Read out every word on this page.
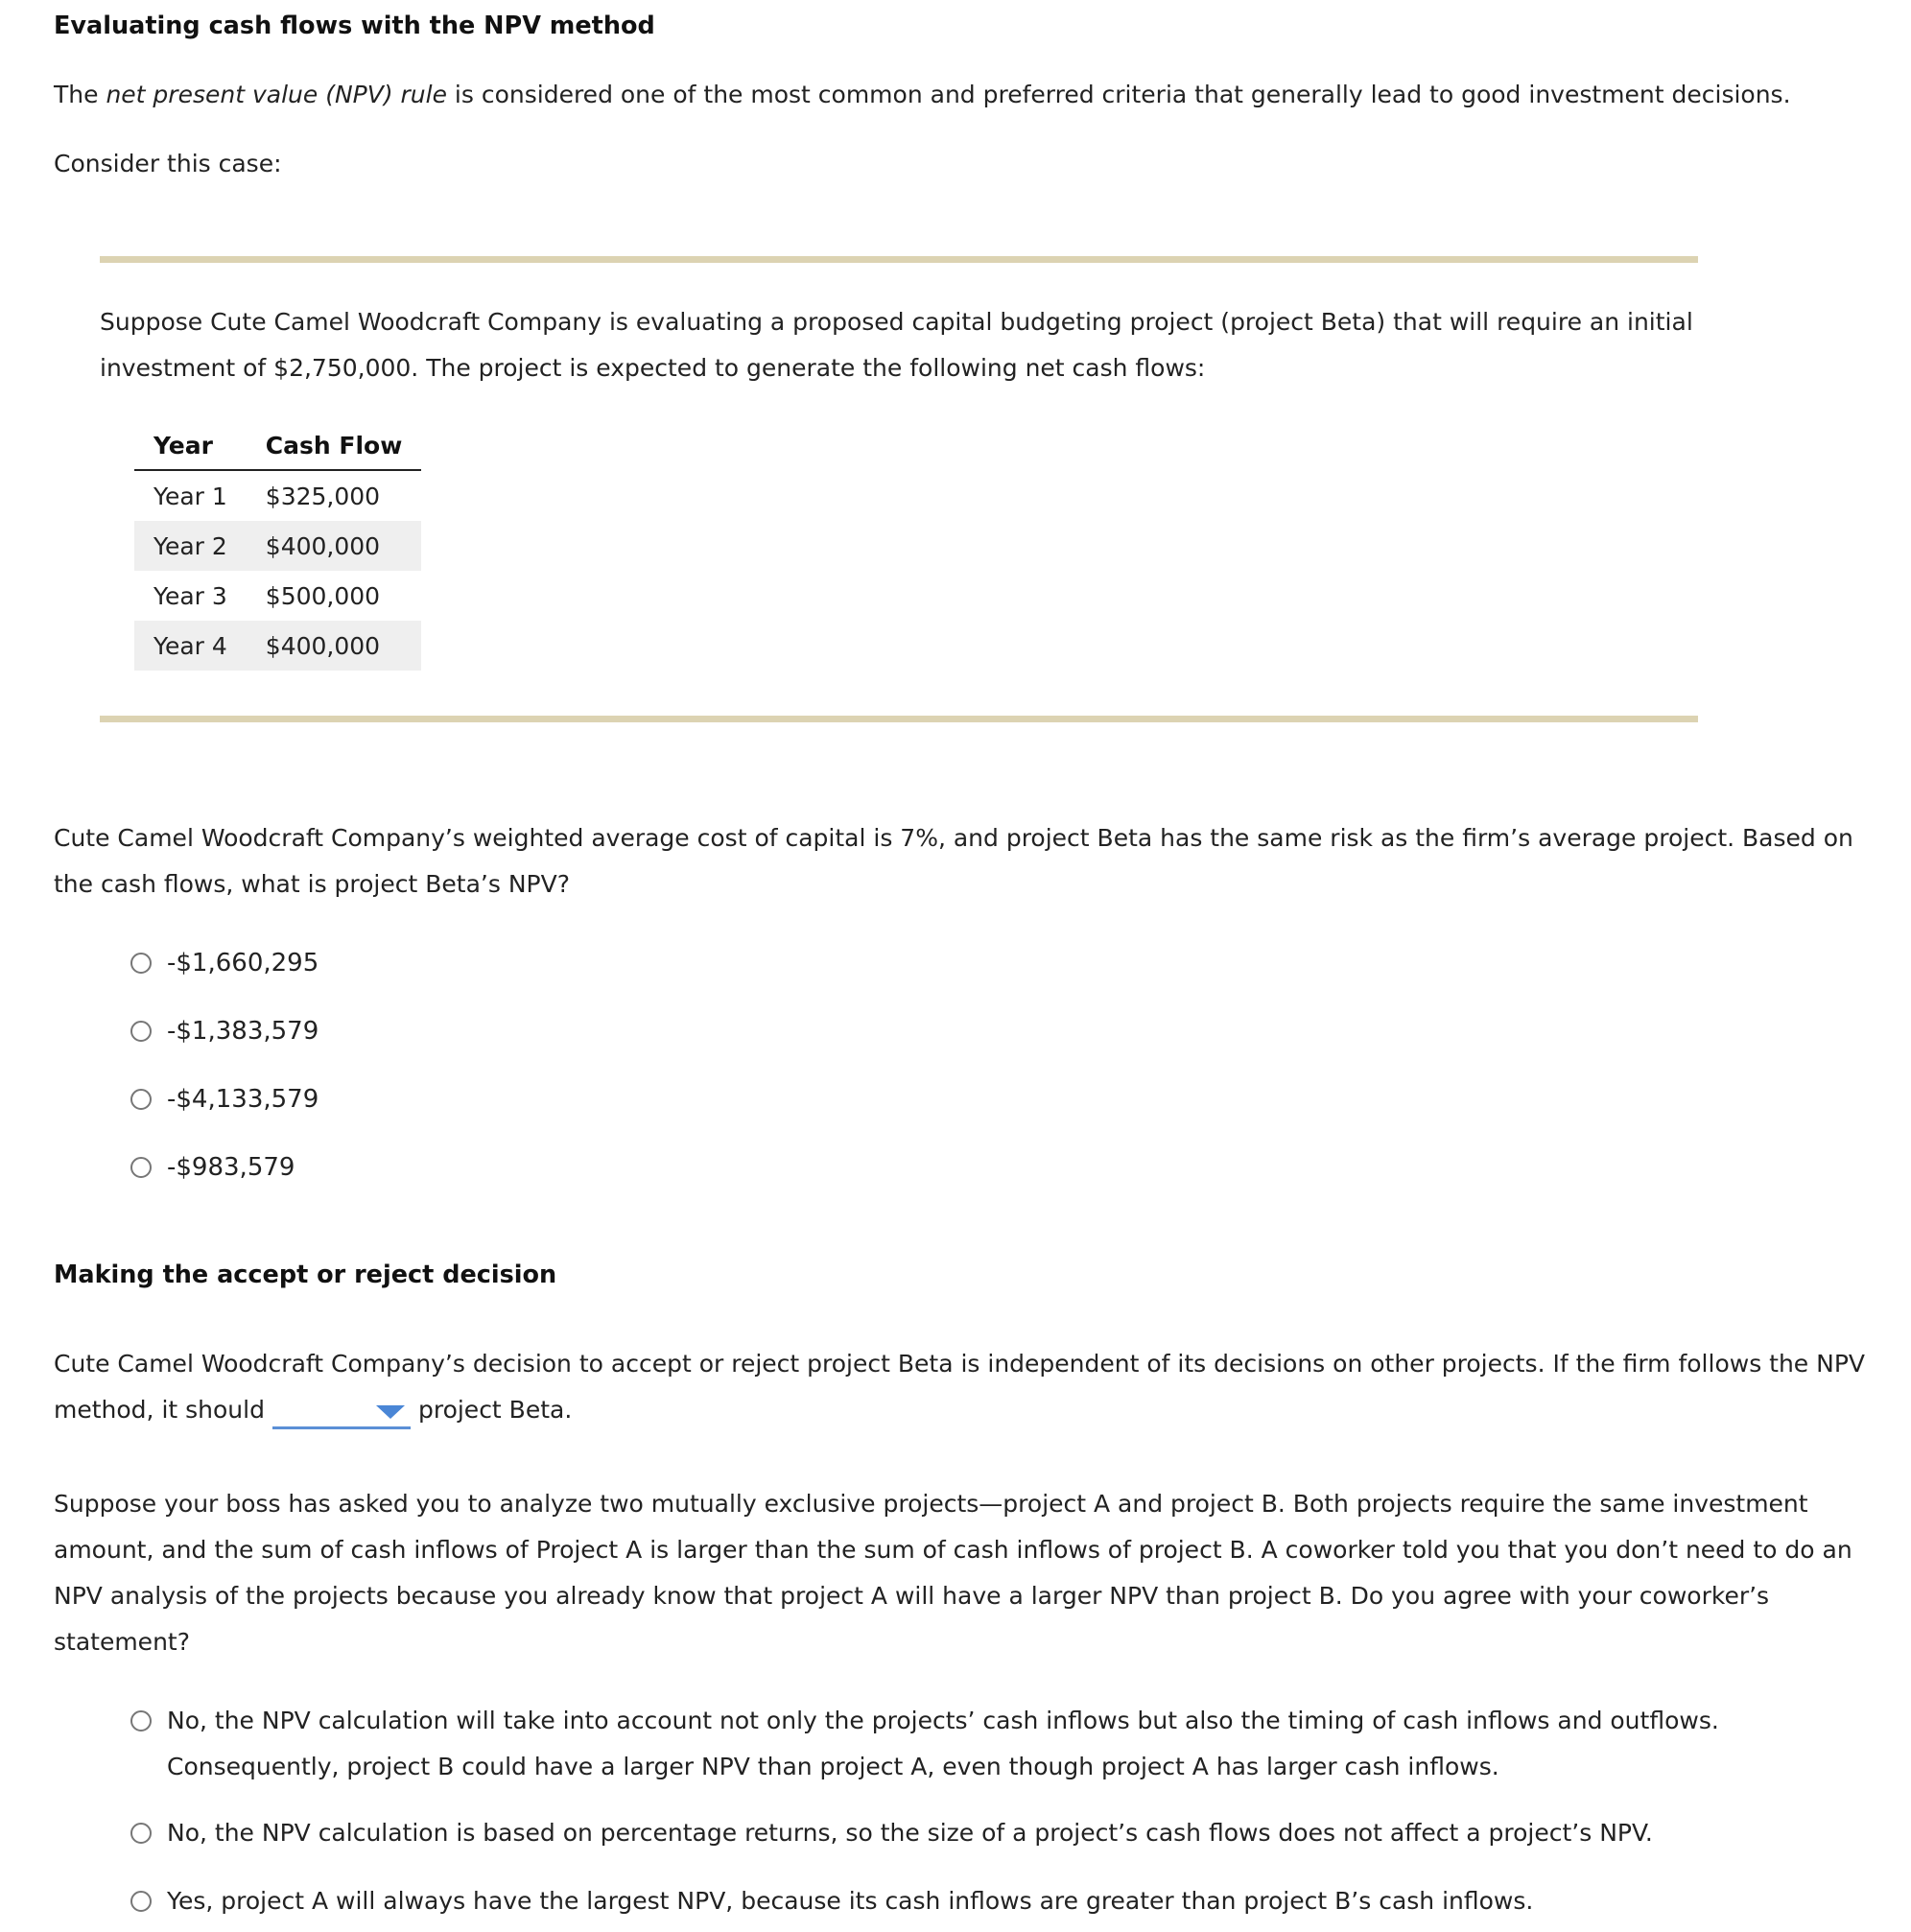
Evaluating cash flows with the NPV method
The net present value (NPV) rule is considered one of the most common and preferred criteria that generally lead to good investment decisions.
Consider this case:
Suppose Cute Camel Woodcraft Company is evaluating a proposed capital budgeting project (project Beta) that will require an initial
investment of $2,750,000. The project is expected to generate the following net cash flows:
Year	Cash Flow
Year 1	$325,000
Year 2	$400,000
Year 3	$500,000
Year 4	$400,000
Cute Camel Woodcraft Company’s weighted average cost of capital is 7%, and project Beta has the same risk as the firm’s average project. Based on
the cash flows, what is project Beta’s NPV?
-$1,660,295
-$1,383,579
-$4,133,579
-$983,579
Making the accept or reject decision
Cute Camel Woodcraft Company’s decision to accept or reject project Beta is independent of its decisions on other projects. If the firm follows the NPV
method, it should	project Beta.
Suppose your boss has asked you to analyze two mutually exclusive projects—project A and project B. Both projects require the same investment
amount, and the sum of cash inflows of Project A is larger than the sum of cash inflows of project B. A coworker told you that you don’t need to do an
NPV analysis of the projects because you already know that project A will have a larger NPV than project B. Do you agree with your coworker’s
statement?
No, the NPV calculation will take into account not only the projects’ cash inflows but also the timing of cash inflows and outflows.
Consequently, project B could have a larger NPV than project A, even though project A has larger cash inflows.
No, the NPV calculation is based on percentage returns, so the size of a project’s cash flows does not affect a project’s NPV.
Yes, project A will always have the largest NPV, because its cash inflows are greater than project B’s cash inflows.
